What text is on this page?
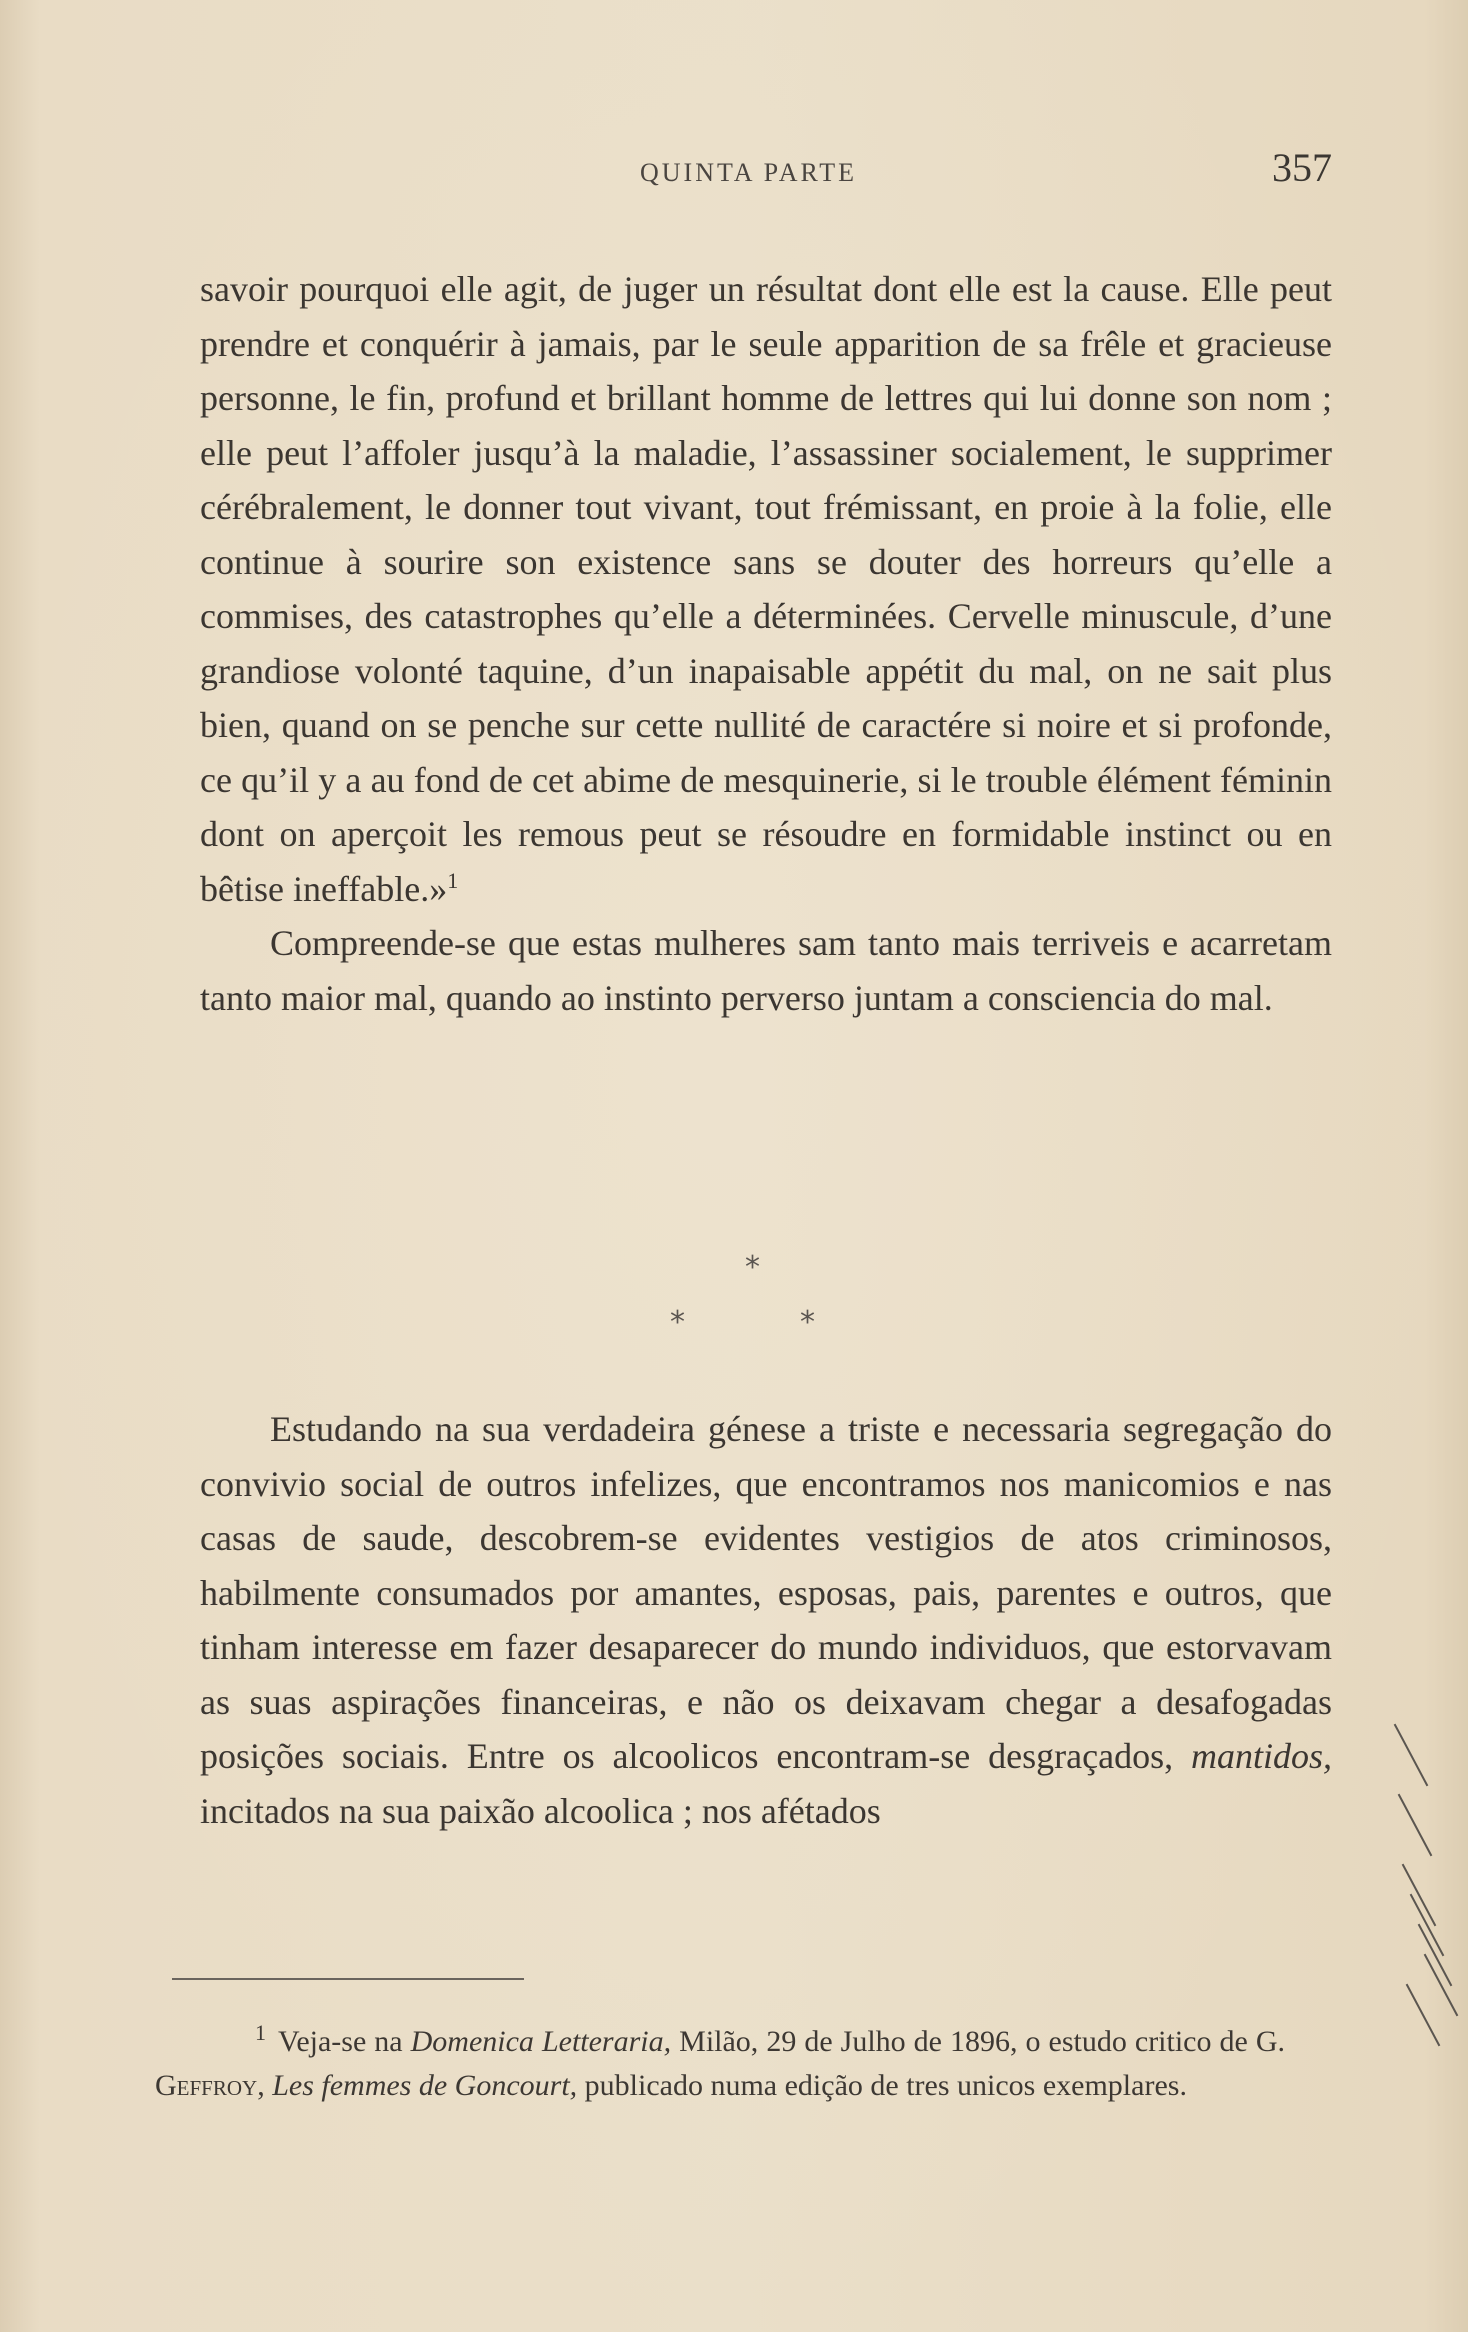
QUINTA PARTE	357

savoir pourquoi elle agit, de juger un résultat dont elle est la cause. Elle peut prendre et conquérir à jamais, par le seule apparition de sa frêle et gracieuse personne, le fin, profund et brillant homme de lettres qui lui donne son nom ; elle peut l’affoler jusqu’à la maladie, l’assassiner socialement, le supprimer cérébralement, le donner tout vivant, tout frémissant, en proie à la folie, elle continue à sourire son existence sans se douter des horreurs qu’elle a commises, des catastrophes qu’elle a déterminées. Cervelle minuscule, d’une grandiose volonté taquine, d’un inapaisable appétit du mal, on ne sait plus bien, quand on se penche sur cette nullité de caractére si noire et si profonde, ce qu’il y a au fond de cet abime de mesquinerie, si le trouble élément féminin dont on aperçoit les remous peut se résoudre en formidable instinct ou en bêtise ineffable.»$^1$

Compreende-se que estas mulheres sam tanto mais terriveis e acarretam tanto maior mal, quando ao instinto perverso juntam a consciencia do mal.

*
*	*

Estudando na sua verdadeira génese a triste e necessaria segregação do convivio social de outros infelizes, que encontramos nos manicomios e nas casas de saude, descobrem-se evidentes vestigios de atos criminosos, habilmente consumados por amantes, esposas, pais, parentes e outros, que tinham interesse em fazer desaparecer do mundo individuos, que estorvavam as suas aspirações financeiras, e não os deixavam chegar a desafogadas posições sociais. Entre os alcoolicos encontram-se desgraçados, mantidos, incitados na sua paixão alcoolica ; nos afétados

1 Veja-se na Domenica Letteraria, Milão, 29 de Julho de 1896, o estudo critico de G. Geffroy, Les femmes de Goncourt, publicado numa edição de tres unicos exemplares.
